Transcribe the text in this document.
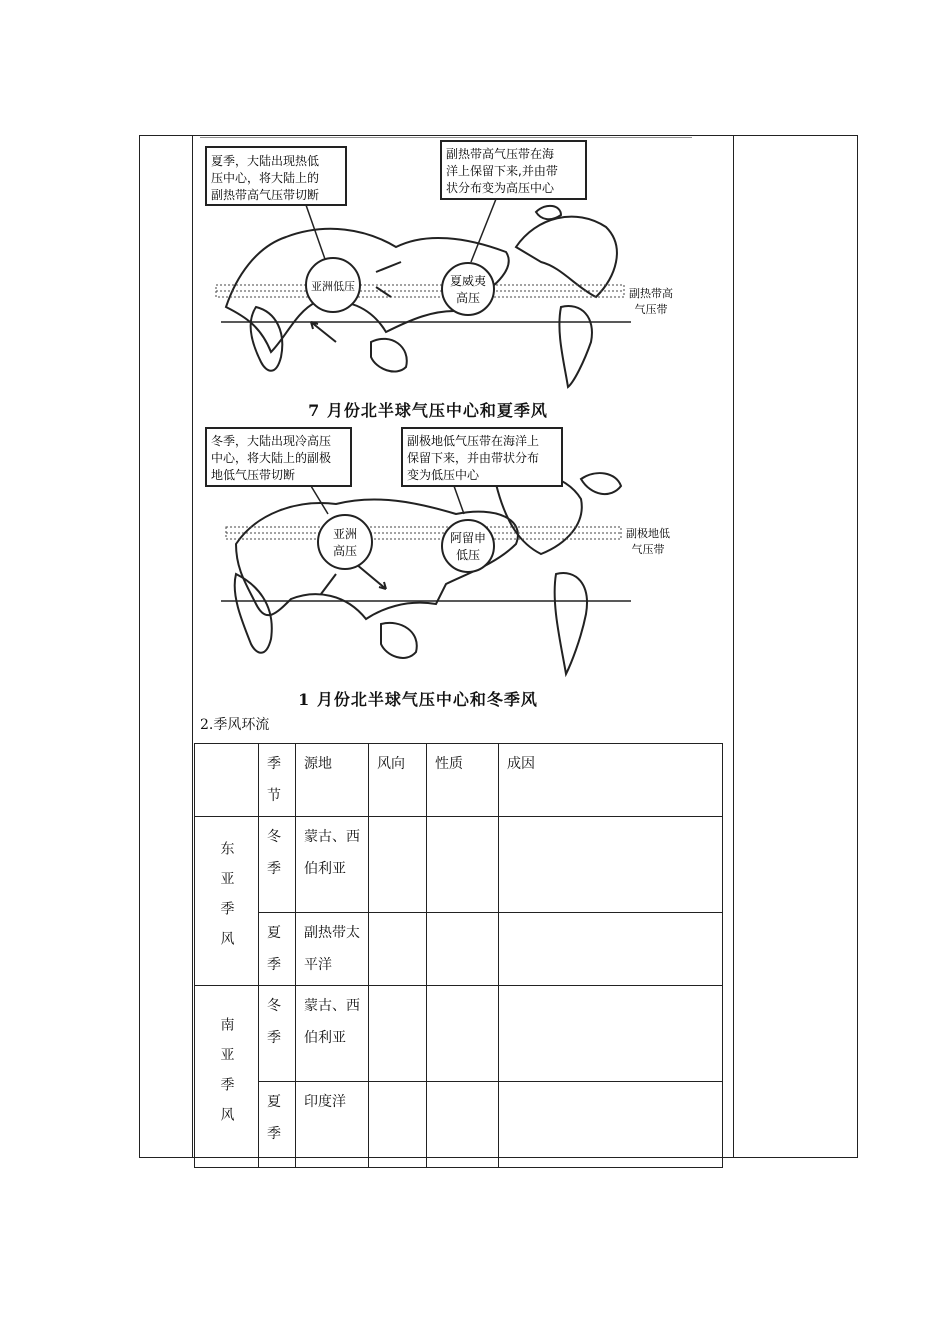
夏季，大陆出现热低
压中心，将大陆上的
副热带高气压带切断
副热带高气压带在海
洋上保留下来,并由带
状分布变为高压中心
亚洲低压	夏威夷
高压	副热带高
气压带
7 月份北半球气压中心和夏季风
冬季，大陆出现冷高压
中心，将大陆上的副极
地低气压带切断
副极地低气压带在海洋上
保留下来，并由带状分布
变为低压中心
亚洲
高压
阿留申
低压
副极地低
气压带
1 月份北半球气压中心和冬季风
2.季风环流
	季节	源地	风向	性质	成因
东亚季风	冬季	蒙古、西伯利亚			
	夏季	副热带太平洋			
南亚季风	冬季	蒙古、西伯利亚			
	夏季	印度洋			
